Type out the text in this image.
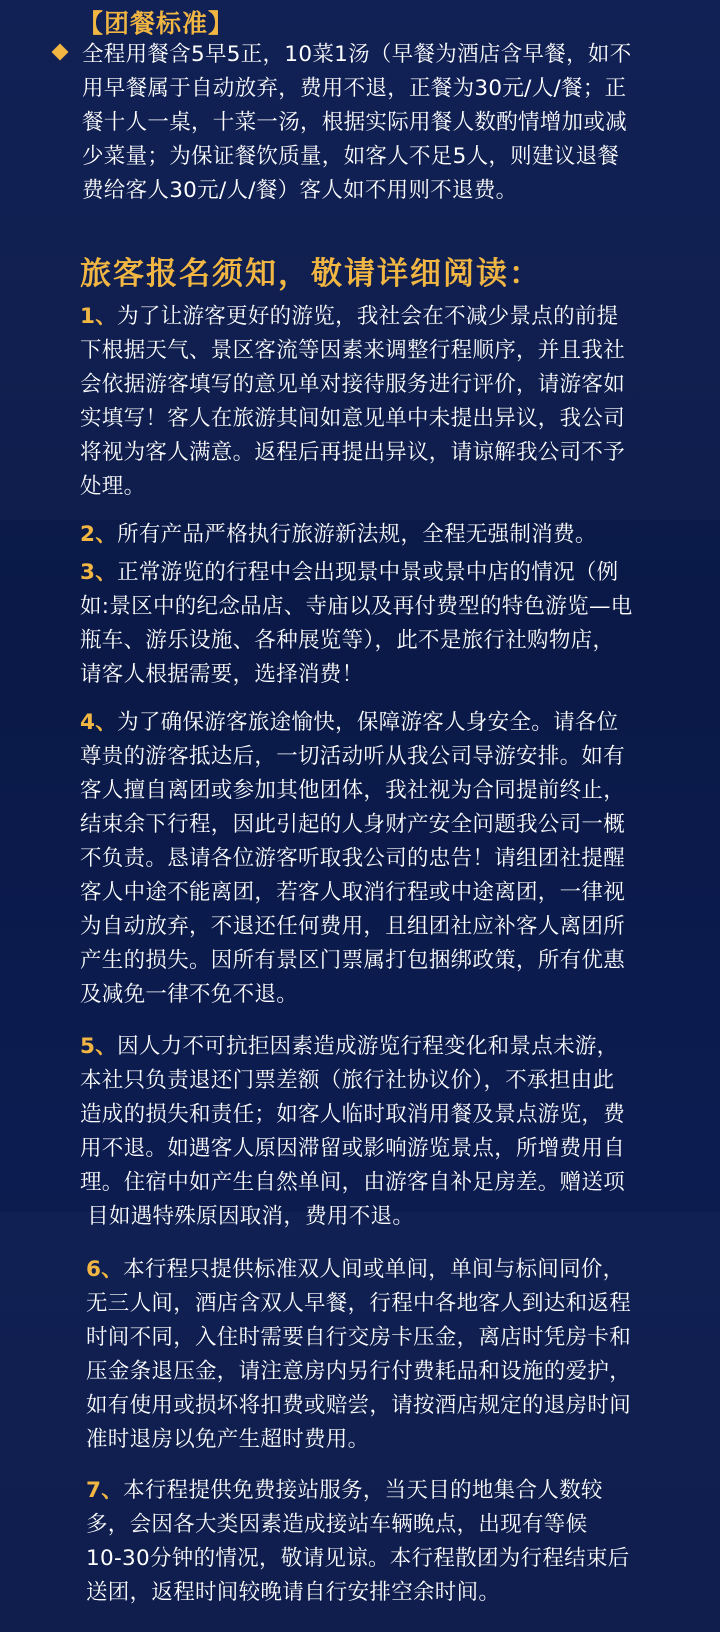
【团餐标准】
全程用餐含5早5正，10菜1汤（早餐为酒店含早餐，如不
用早餐属于自动放弃，费用不退，正餐为30元/人/餐；正
餐十人一桌，十菜一汤，根据实际用餐人数酌情增加或减
少菜量；为保证餐饮质量，如客人不足5人，则建议退餐
费给客人30元/人/餐）客人如不用则不退费。
旅客报名须知，敬请详细阅读：
1、为了让游客更好的游览，我社会在不减少景点的前提
下根据天气、景区客流等因素来调整行程顺序，并且我社
会依据游客填写的意见单对接待服务进行评价，请游客如
实填写！客人在旅游其间如意见单中未提出异议，我公司
将视为客人满意。返程后再提出异议，请谅解我公司不予
处理。
2、所有产品严格执行旅游新法规，全程无强制消费。
3、正常游览的行程中会出现景中景或景中店的情况（例
如:景区中的纪念品店、寺庙以及再付费型的特色游览—电
瓶车、游乐设施、各种展览等），此不是旅行社购物店，
请客人根据需要，选择消费！
4、为了确保游客旅途愉快，保障游客人身安全。请各位
尊贵的游客抵达后，一切活动听从我公司导游安排。如有
客人擅自离团或参加其他团体，我社视为合同提前终止，
结束余下行程，因此引起的人身财产安全问题我公司一概
不负责。恳请各位游客听取我公司的忠告！请组团社提醒
客人中途不能离团，若客人取消行程或中途离团，一律视
为自动放弃，不退还任何费用，且组团社应补客人离团所
产生的损失。因所有景区门票属打包捆绑政策，所有优惠
及减免一律不免不退。
5、因人力不可抗拒因素造成游览行程变化和景点未游，
本社只负责退还门票差额（旅行社协议价），不承担由此
造成的损失和责任；如客人临时取消用餐及景点游览，费
用不退。如遇客人原因滞留或影响游览景点，所增费用自
理。住宿中如产生自然单间，由游客自补足房差。赠送项
目如遇特殊原因取消，费用不退。
6、本行程只提供标准双人间或单间，单间与标间同价，
无三人间，酒店含双人早餐，行程中各地客人到达和返程
时间不同，入住时需要自行交房卡压金，离店时凭房卡和
压金条退压金，请注意房内另行付费耗品和设施的爱护，
如有使用或损坏将扣费或赔尝，请按酒店规定的退房时间
准时退房以免产生超时费用。
7、本行程提供免费接站服务，当天目的地集合人数较
多，会因各大类因素造成接站车辆晚点，出现有等候
10-30分钟的情况，敬请见谅。本行程散团为行程结束后
送团，返程时间较晚请自行安排空余时间。
